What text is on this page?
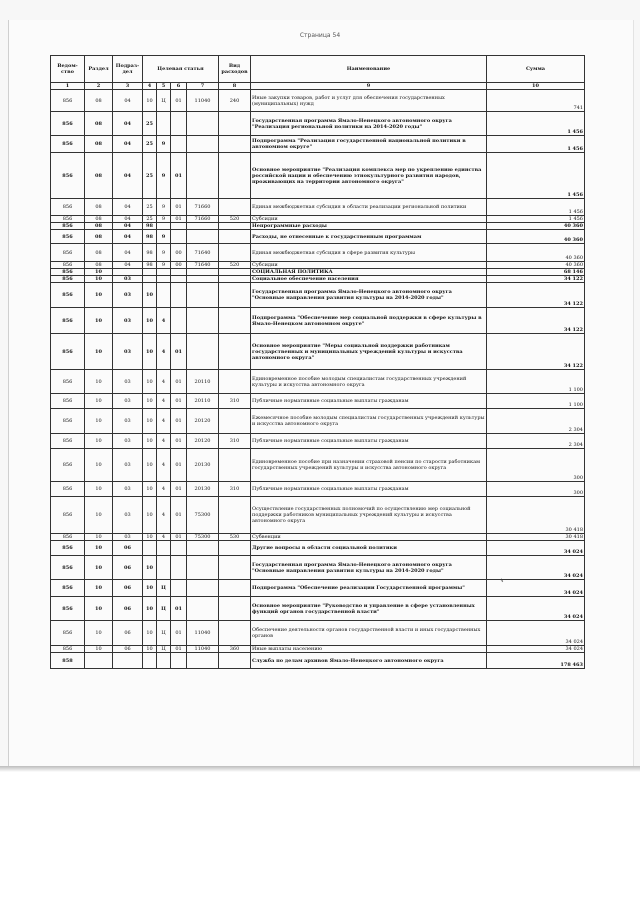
Страница 54
Ведом-ство	Раздел	Подраз-дел	Целевая статья				Вид расходов	Наименование	Сумма
1	2	3	4	5	6	7	8	9	10
856	08	04	10	Ц	01	11040	240	Иные закупки товаров, работ и услуг для обеспечения государственных (муниципальных) нужд	741
856	08	04	25					Государственная программа Ямало-Ненецкого автономного округа "Реализация региональной политики на 2014-2020 годы"	1 456
856	08	04	25	9				Подпрограмма "Реализация государственной национальной политики в автономном округе"	1 456
856	08	04	25	9	01			Основное мероприятие "Реализация комплекса мер по укреплению единства российской нации и обеспечению этнокультурного развития народов, проживающих на территории автономного округа"	1 456
856	08	04	25	9	01	71660		Единая межбюджетная субсидия в области реализации региональной политики	1 456
856	08	04	25	9	01	71660	520	Субсидии	1 456
856	08	04	98					Непрограммные расходы	40 360
856	08	04	98	9				Расходы, не отнесенные к государственным программам	40 360
856	08	04	98	9	00	71640		Единая межбюджетная субсидия в сфере развития культуры	40 360
856	08	04	98	9	00	71640	520	Субсидии	40 360
856	10							СОЦИАЛЬНАЯ ПОЛИТИКА	68 146
856	10	03						Социальное обеспечение населения	34 122
856	10	03	10					Государственная программа Ямало-Ненецкого автономного округа "Основные направления развития культуры на 2014-2020 годы"	34 122
856	10	03	10	4				Подпрограмма "Обеспечение мер социальной поддержки в сфере культуры в Ямало-Ненецком автономном округе"	34 122
856	10	03	10	4	01			Основное мероприятие "Меры социальной поддержки работникам государственных и муниципальных учреждений культуры и искусства автономного округа"	34 122
856	10	03	10	4	01	20110		Единовременное пособие молодым специалистам государственных учреждений культуры и искусства автономного округа	1 100
856	10	03	10	4	01	20110	310	Публичные нормативные социальные выплаты гражданам	1 100
856	10	03	10	4	01	20120		Ежемесячное пособие молодым специалистам государственных учреждений культуры и искусства автономного округа	2 304
856	10	03	10	4	01	20120	310	Публичные нормативные социальные выплаты гражданам	2 304
856	10	03	10	4	01	20130		Единовременное пособие при назначении страховой пенсии по старости работникам государственных учреждений культуры и искусства автономного округа	300
856	10	03	10	4	01	20130	310	Публичные нормативные социальные выплаты гражданам	300
856	10	03	10	4	01	75300		Осуществление государственных полномочий по осуществлению мер социальной поддержки работников муниципальных учреждений культуры и искусства автономного округа	30 418
856	10	03	10	4	01	75300	530	Субвенции	30 418
856	10	06						Другие вопросы в области социальной политики	34 024
856	10	06	10					Государственная программа Ямало-Ненецкого автономного округа "Основные направления развития культуры на 2014-2020 годы"	34 024
856	10	06	10	Ц				Подпрограмма "Обеспечение реализации Государственной программы"	34 024
856	10	06	10	Ц	01			Основное мероприятие "Руководство и управление в сфере установленных функций органов государственной власти"	34 024
856	10	06	10	Ц	01	11040		Обеспечение деятельности органов государственной власти и иных государственных органов	34 024
856	10	06	10	Ц	01	11040	360	Иные выплаты населению	34 024
858								Служба по делам архивов Ямало-Ненецкого автономного округа	178 463
↯
